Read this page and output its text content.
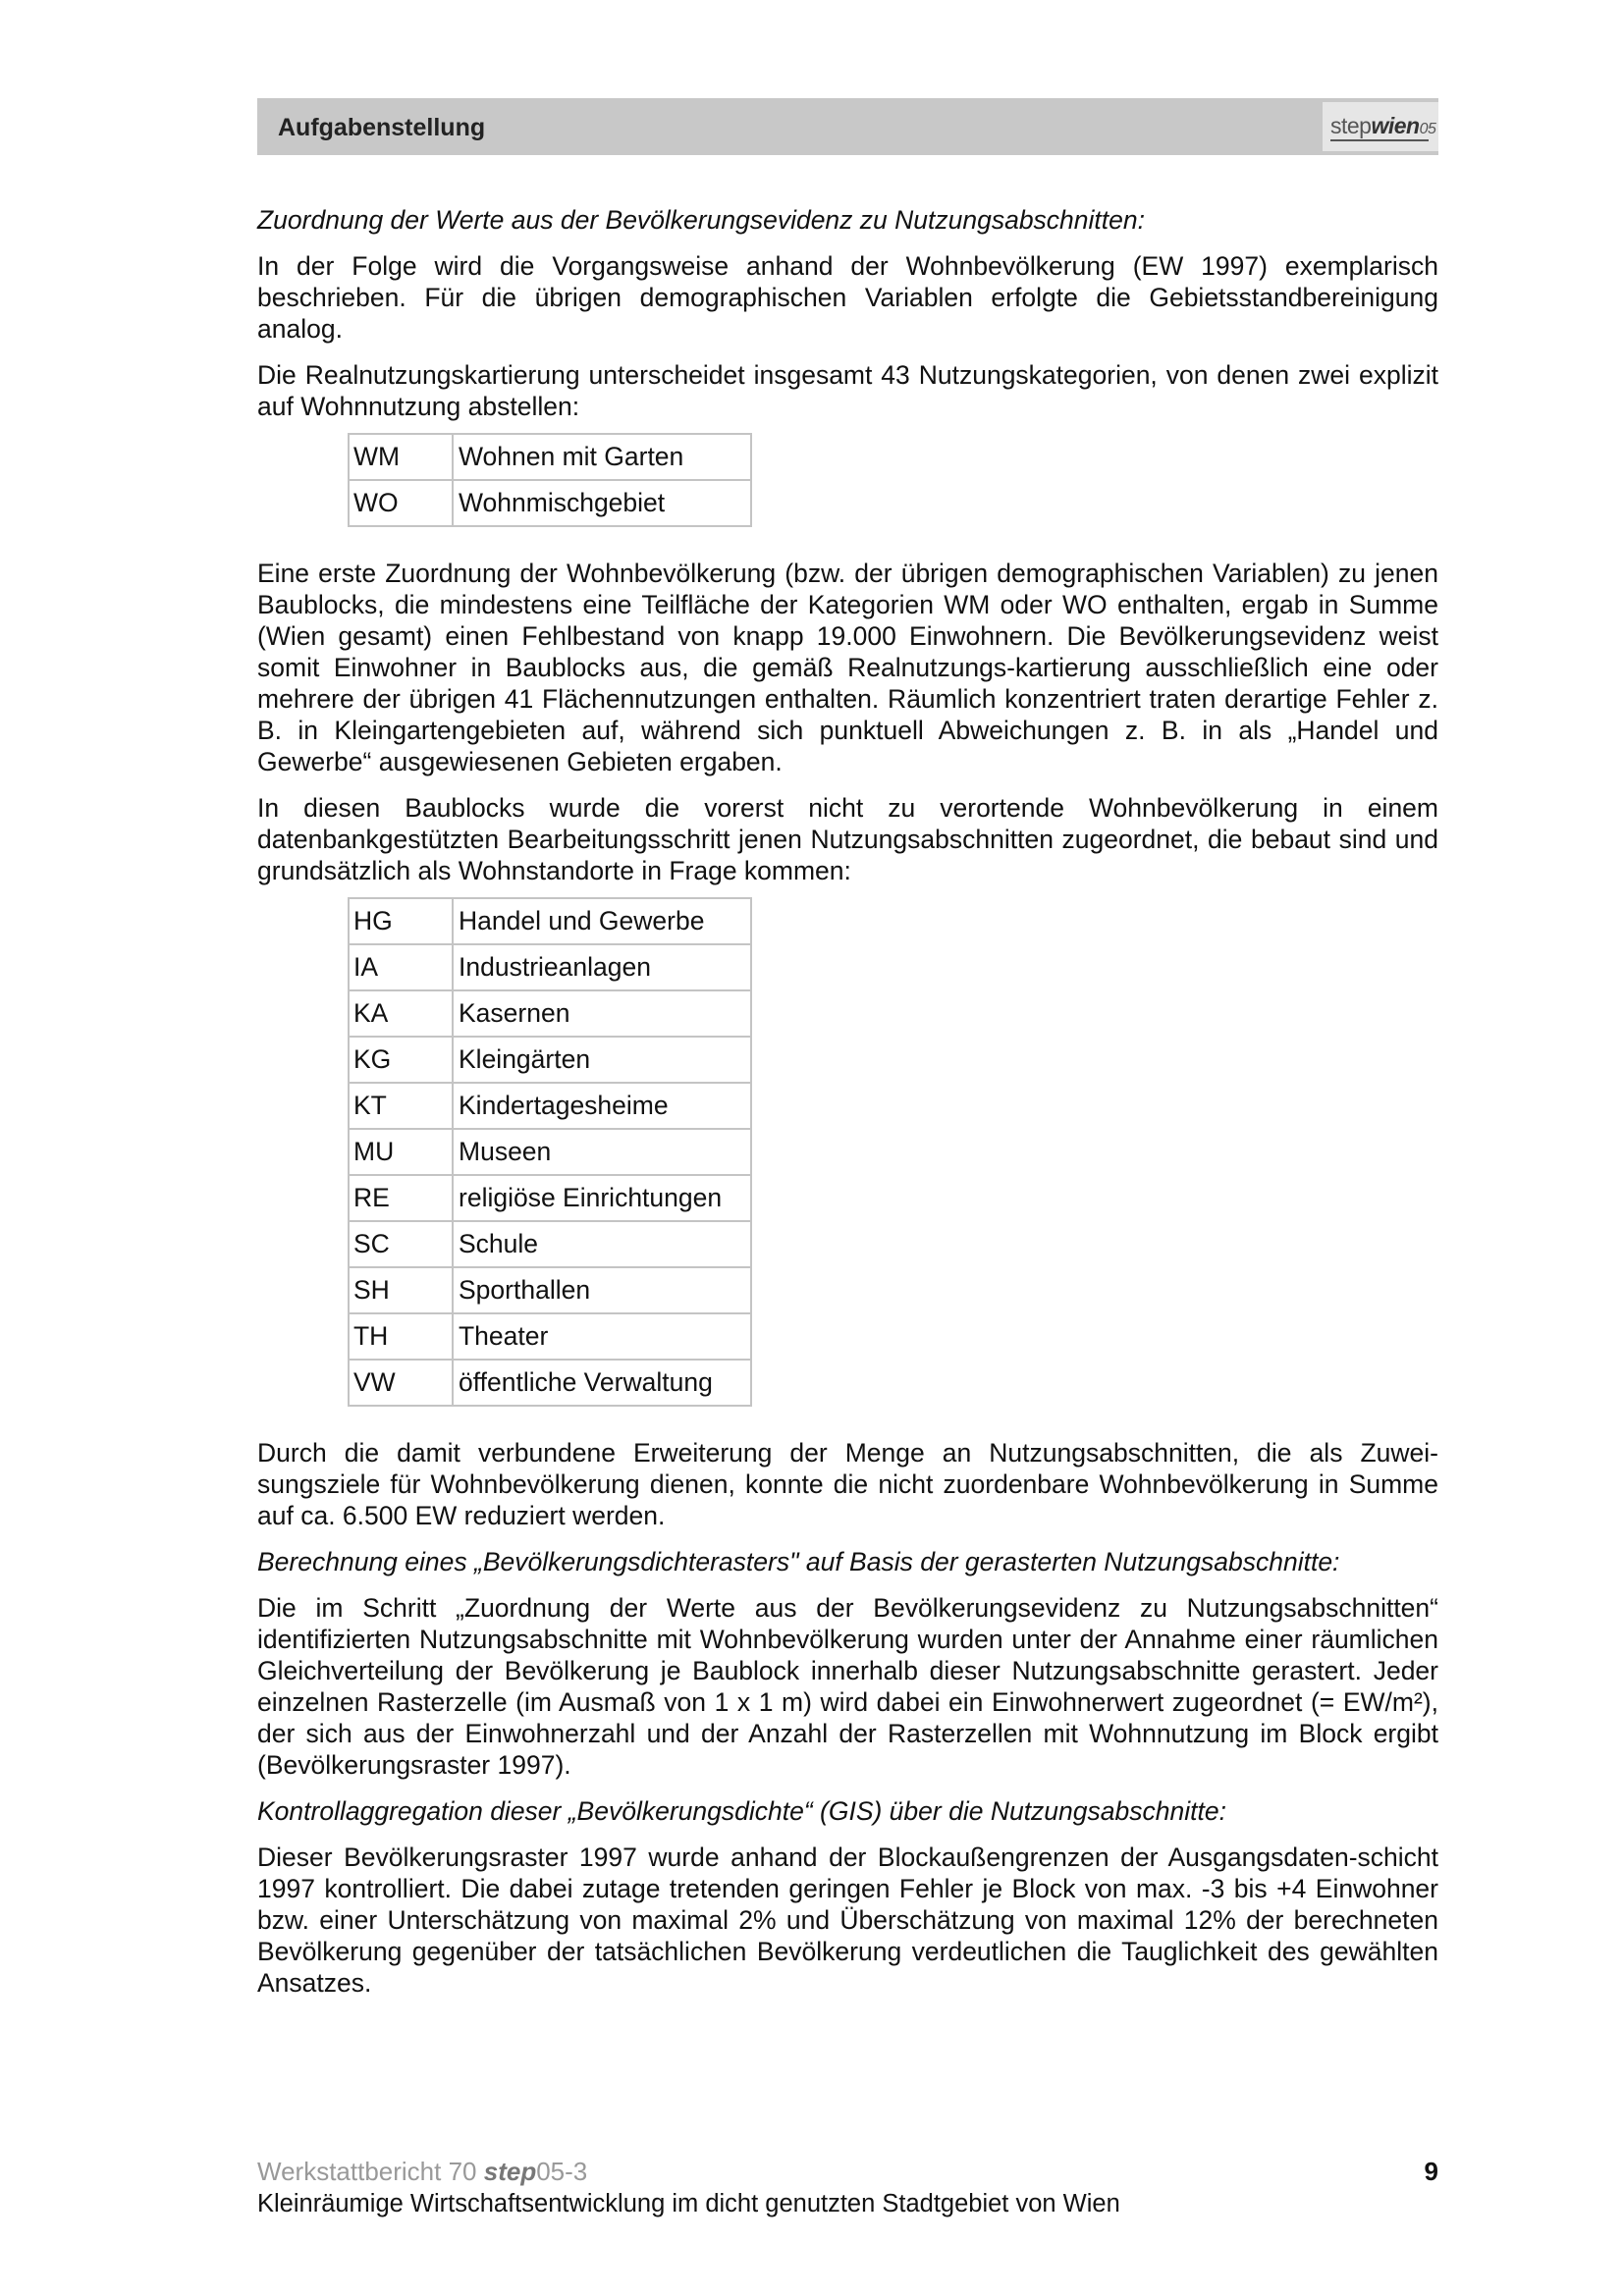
Aufgabenstellung	stepwien05

Zuordnung der Werte aus der Bevölkerungsevidenz zu Nutzungsabschnitten:

In der Folge wird die Vorgangsweise anhand der Wohnbevölkerung (EW 1997) exemplarisch beschrieben. Für die übrigen demographischen Variablen erfolgte die Gebietsstandbereinigung analog.

Die Realnutzungskartierung unterscheidet insgesamt 43 Nutzungskategorien, von denen zwei explizit auf Wohnnutzung abstellen:

WM	Wohnen mit Garten
WO	Wohnmischgebiet

Eine erste Zuordnung der Wohnbevölkerung (bzw. der übrigen demographischen Variablen) zu jenen Baublocks, die mindestens eine Teilfläche der Kategorien WM oder WO enthalten, ergab in Summe (Wien gesamt) einen Fehlbestand von knapp 19.000 Einwohnern. Die Bevölkerungsevidenz weist somit Einwohner in Baublocks aus, die gemäß Realnutzungs-kartierung ausschließlich eine oder mehrere der übrigen 41 Flächennutzungen enthalten. Räumlich konzentriert traten derartige Fehler z. B. in Kleingartengebieten auf, während sich punktuell Abweichungen z. B. in als „Handel und Gewerbe“ ausgewiesenen Gebieten ergaben.

In diesen Baublocks wurde die vorerst nicht zu verortende Wohnbevölkerung in einem datenbankgestützten Bearbeitungsschritt jenen Nutzungsabschnitten zugeordnet, die bebaut sind und grundsätzlich als Wohnstandorte in Frage kommen:

HG	Handel und Gewerbe
IA	Industrieanlagen
KA	Kasernen
KG	Kleingärten
KT	Kindertagesheime
MU	Museen
RE	religiöse Einrichtungen
SC	Schule
SH	Sporthallen
TH	Theater
VW	öffentliche Verwaltung

Durch die damit verbundene Erweiterung der Menge an Nutzungsabschnitten, die als Zuwei-sungsziele für Wohnbevölkerung dienen, konnte die nicht zuordenbare Wohnbevölkerung in Summe auf ca. 6.500 EW reduziert werden.

Berechnung eines „Bevölkerungsdichterasters" auf Basis der gerasterten Nutzungsabschnitte:

Die im Schritt „Zuordnung der Werte aus der Bevölkerungsevidenz zu Nutzungsabschnitten“ identifizierten Nutzungsabschnitte mit Wohnbevölkerung wurden unter der Annahme einer räumlichen Gleichverteilung der Bevölkerung je Baublock innerhalb dieser Nutzungsabschnitte gerastert. Jeder einzelnen Rasterzelle (im Ausmaß von 1 x 1 m) wird dabei ein Einwohnerwert zugeordnet (= EW/m²), der sich aus der Einwohnerzahl und der Anzahl der Rasterzellen mit Wohnnutzung im Block ergibt (Bevölkerungsraster 1997).

Kontrollaggregation dieser „Bevölkerungsdichte“ (GIS) über die Nutzungsabschnitte:

Dieser Bevölkerungsraster 1997 wurde anhand der Blockaußengrenzen der Ausgangsdaten-schicht 1997 kontrolliert. Die dabei zutage tretenden geringen Fehler je Block von max. -3 bis +4 Einwohner bzw. einer Unterschätzung von maximal 2% und Überschätzung von maximal 12% der berechneten Bevölkerung gegenüber der tatsächlichen Bevölkerung verdeutlichen die Tauglichkeit des gewählten Ansatzes.

Werkstattbericht 70 step05-3	9
Kleinräumige Wirtschaftsentwicklung im dicht genutzten Stadtgebiet von Wien
